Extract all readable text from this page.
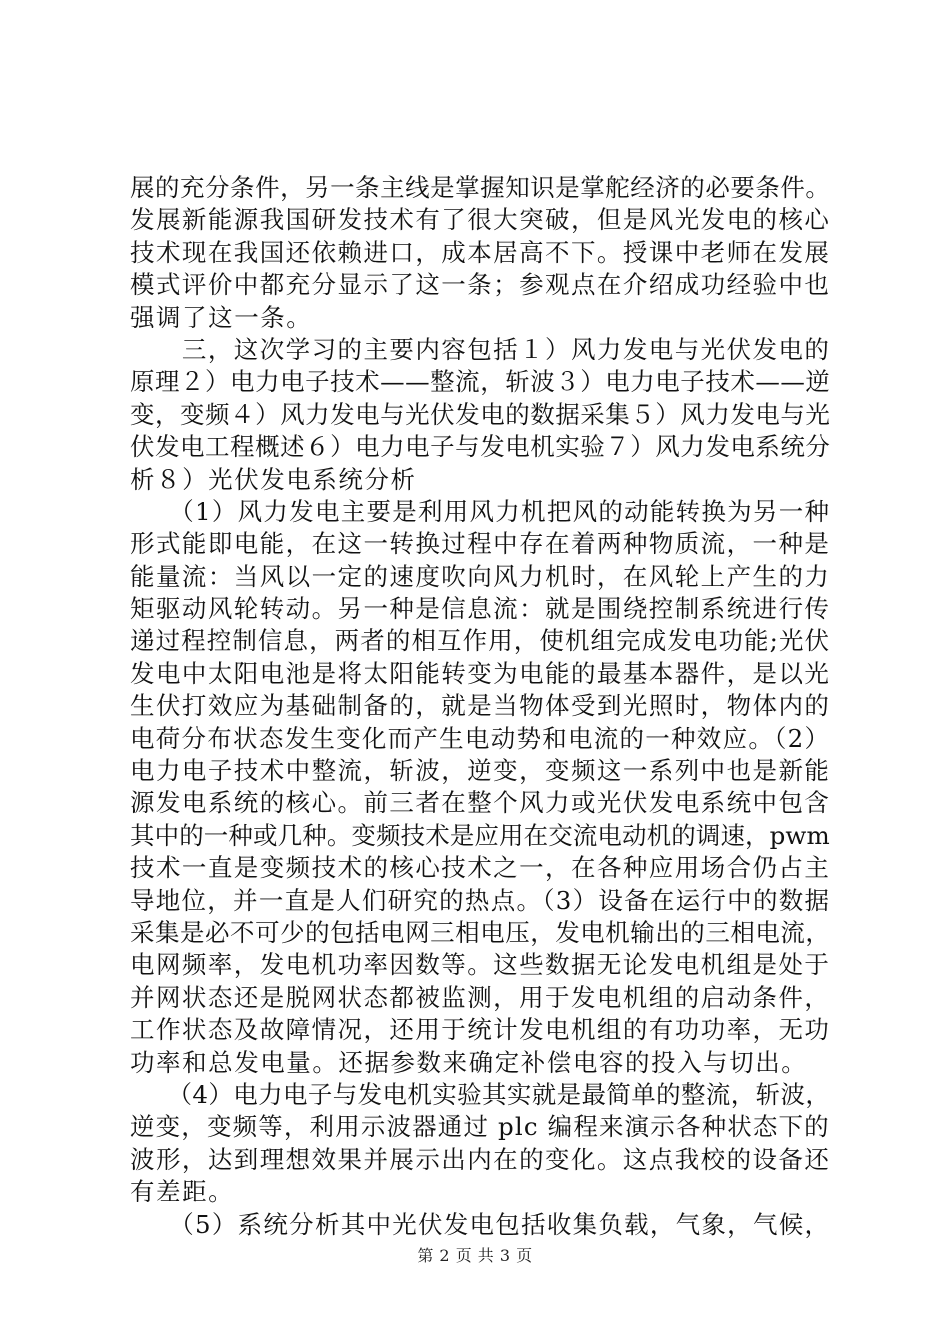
展的充分条件，另一条主线是掌握知识是掌舵经济的必要条件。
发展新能源我国研发技术有了很大突破，但是风光发电的核心
技术现在我国还依赖进口，成本居高不下。授课中老师在发展
模式评价中都充分显示了这一条；参观点在介绍成功经验中也
强调了这一条。
　　三，这次学习的主要内容包括１）风力发电与光伏发电的
原理２）电力电子技术——整流，斩波３）电力电子技术——逆
变，变频４）风力发电与光伏发电的数据采集５）风力发电与光
伏发电工程概述６）电力电子与发电机实验７）风力发电系统分
析８）光伏发电系统分析
　　（1）风力发电主要是利用风力机把风的动能转换为另一种
形式能即电能，在这一转换过程中存在着两种物质流，一种是
能量流：当风以一定的速度吹向风力机时，在风轮上产生的力
矩驱动风轮转动。另一种是信息流：就是围绕控制系统进行传
递过程控制信息，两者的相互作用，使机组完成发电功能;光伏
发电中太阳电池是将太阳能转变为电能的最基本器件，是以光
生伏打效应为基础制备的，就是当物体受到光照时，物体内的
电荷分布状态发生变化而产生电动势和电流的一种效应。（2）
电力电子技术中整流，斩波，逆变，变频这一系列中也是新能
源发电系统的核心。前三者在整个风力或光伏发电系统中包含
其中的一种或几种。变频技术是应用在交流电动机的调速，pwm
技术一直是变频技术的核心技术之一，在各种应用场合仍占主
导地位，并一直是人们研究的热点。（3）设备在运行中的数据
采集是必不可少的包括电网三相电压，发电机输出的三相电流，
电网频率，发电机功率因数等。这些数据无论发电机组是处于
并网状态还是脱网状态都被监测，用于发电机组的启动条件，
工作状态及故障情况，还用于统计发电机组的有功功率，无功
功率和总发电量。还据参数来确定补偿电容的投入与切出。
　　（4）电力电子与发电机实验其实就是最简单的整流，斩波，
逆变，变频等，利用示波器通过 plc 编程来演示各种状态下的
波形，达到理想效果并展示出内在的变化。这点我校的设备还
有差距。
　　（5）系统分析其中光伏发电包括收集负载，气象，气候，
第 2 页 共 3 页
